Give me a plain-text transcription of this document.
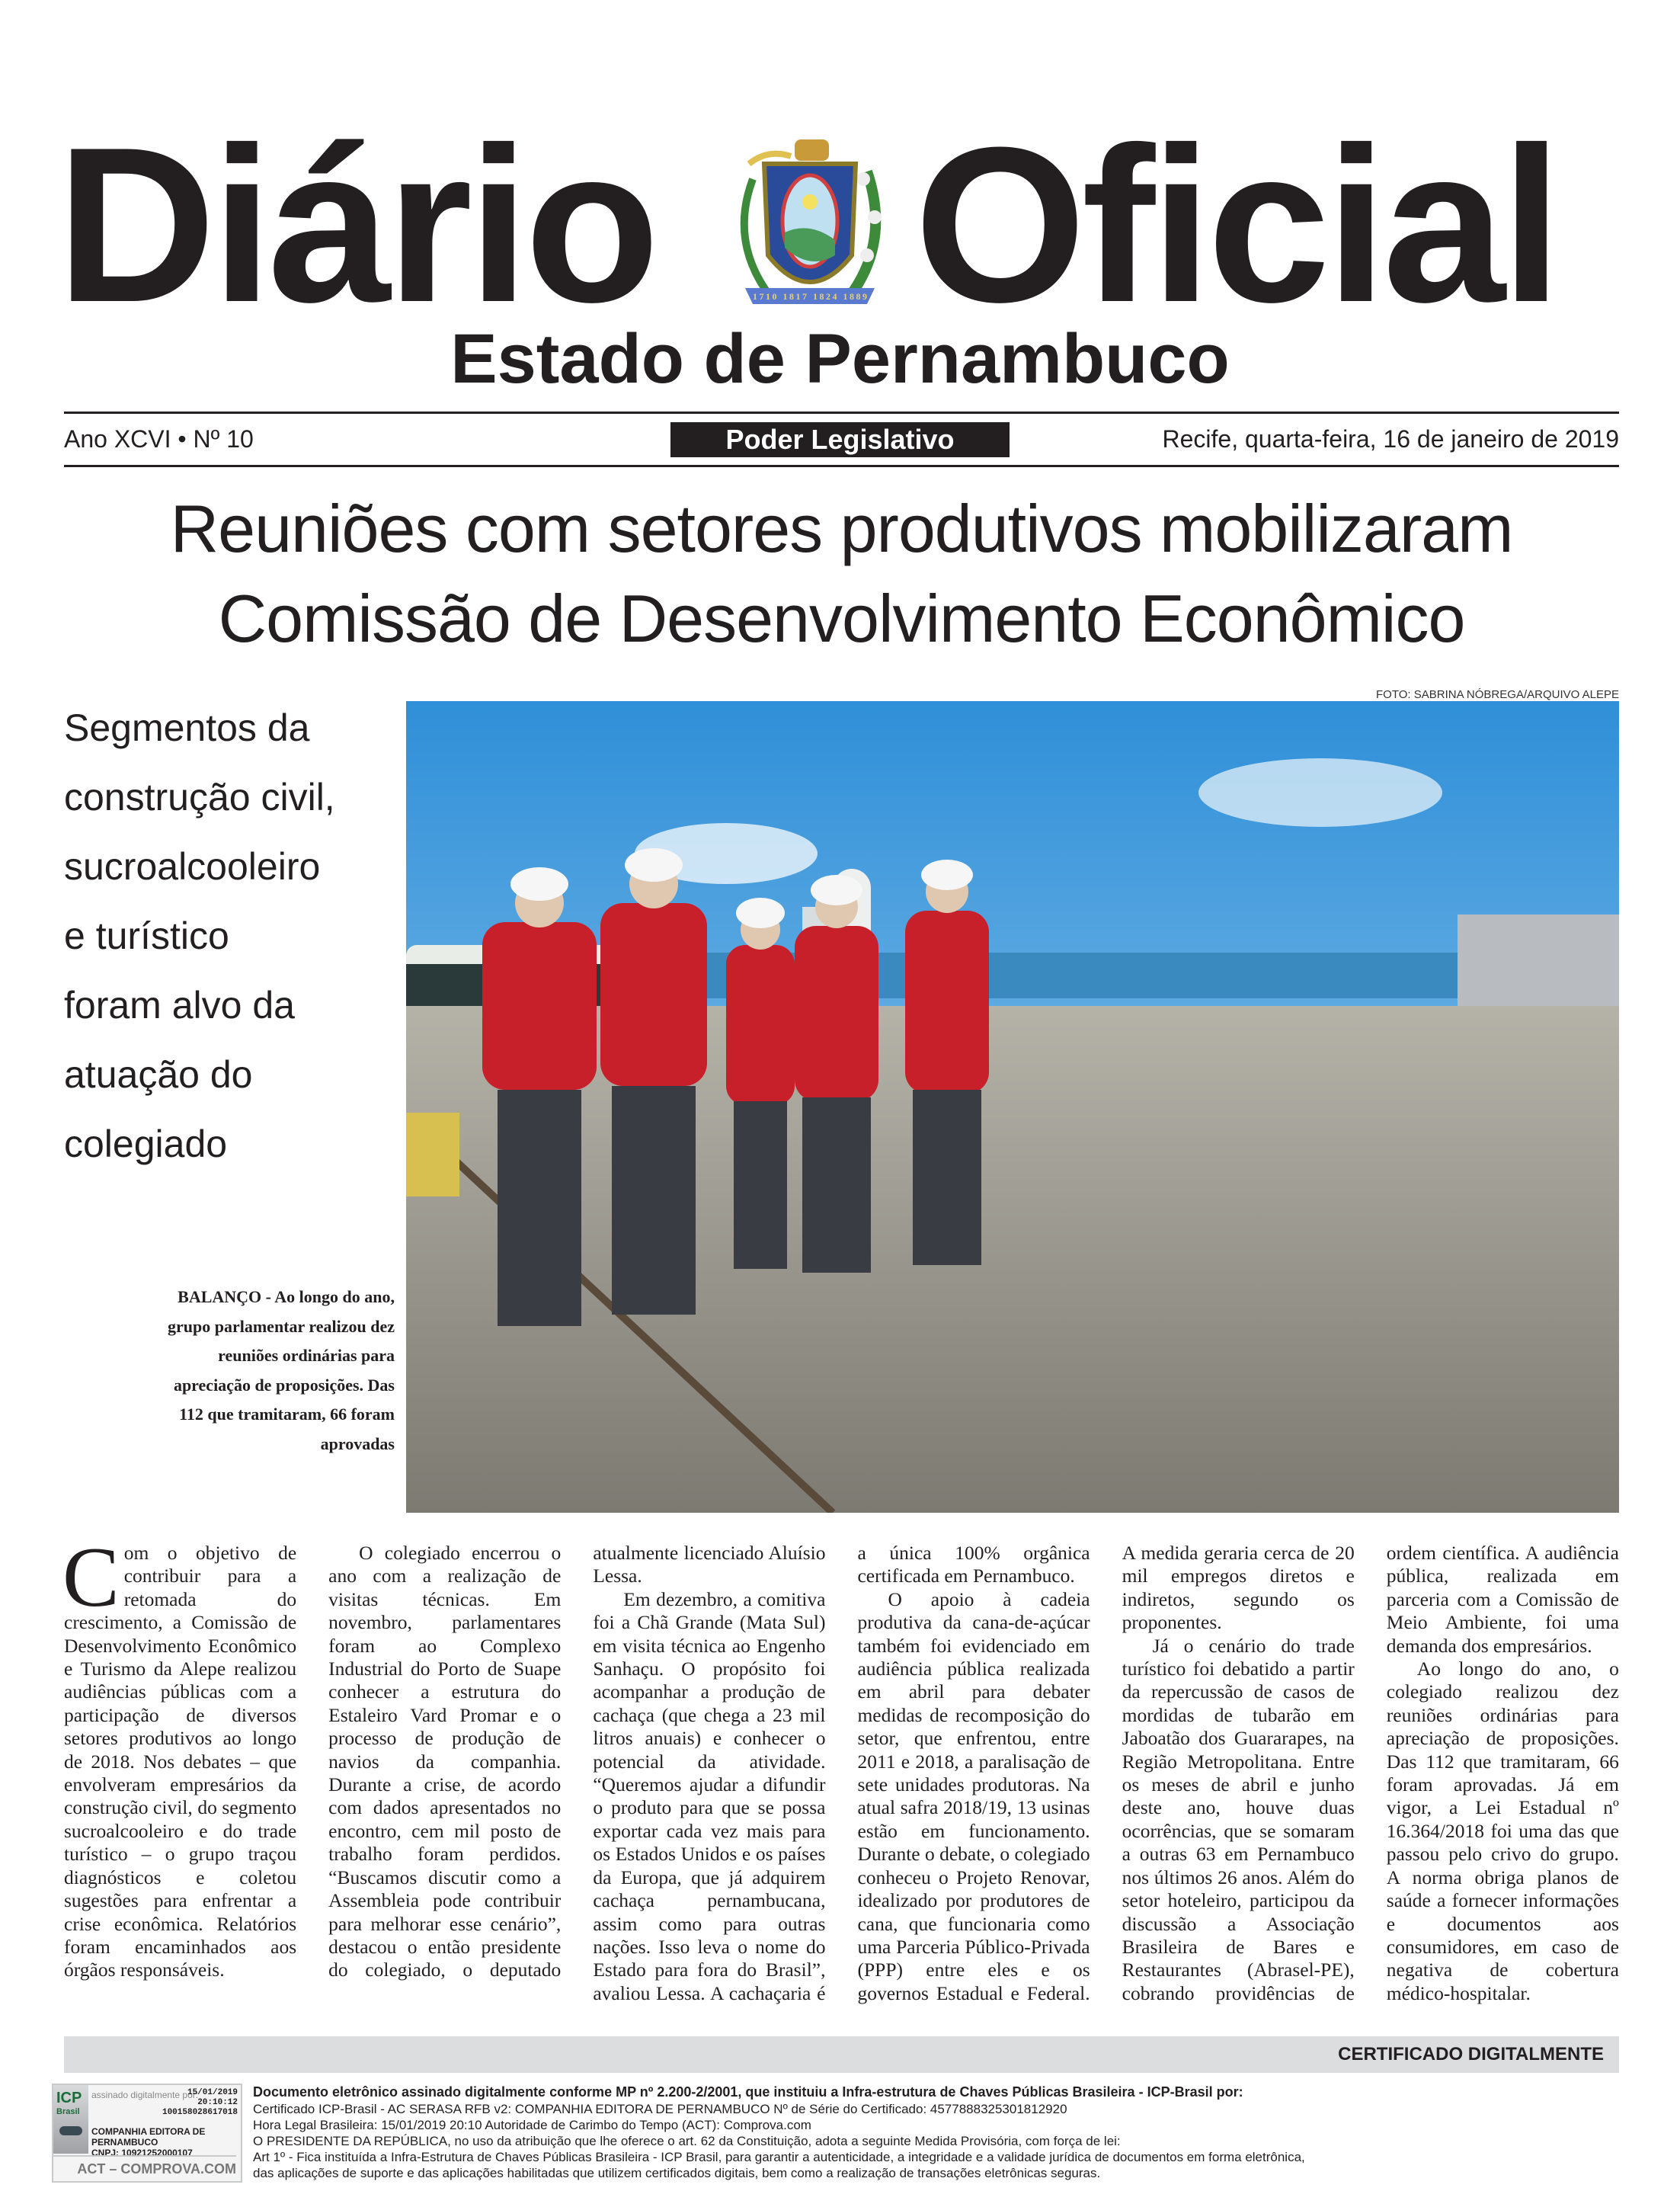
Diário	1710 1817 1824 1889 Oficial
Estado de Pernambuco
Ano XCVI • Nº 10	Poder Legislativo	Recife, quarta-feira, 16 de janeiro de 2019
Reuniões com setores produtivos mobilizaram
Comissão de Desenvolvimento Econômico
FOTO: SABRINA NÓBREGA/ARQUIVO ALEPE
Segmentos da
construção civil,
sucroalcooleiro
e turístico
foram alvo da
atuação do
colegiado
BALANÇO - Ao longo do ano, grupo parlamentar realizou dez reuniões ordinárias para apreciação de proposições. Das 112 que tramitaram, 66 foram aprovadas

Com o objetivo de contribuir para a retomada do crescimento, a Comissão de Desenvolvimento Econômico e Turismo da Alepe realizou audiências públicas com a participação de diversos setores produtivos ao longo de 2018. Nos debates – que envolveram empresários da construção civil, do segmento sucroalcooleiro e do trade turístico – o grupo traçou diagnósticos e coletou sugestões para enfrentar a crise econômica. Relatórios foram encaminhados aos órgãos responsáveis.

O colegiado encerrou o ano com a realização de visitas técnicas. Em novembro, parlamentares foram ao Complexo Industrial do Porto de Suape conhecer a estrutura do Estaleiro Vard Promar e o processo de produção de navios da companhia. Durante a crise, de acordo com dados apresentados no encontro, cem mil posto de trabalho foram perdidos. “Buscamos discutir como a Assembleia pode contribuir para melhorar esse cenário”, destacou o então presidente do colegiado, o deputado atualmente licenciado Aluísio Lessa.

Em dezembro, a comitiva foi a Chã Grande (Mata Sul) em visita técnica ao Engenho Sanhaçu. O propósito foi acompanhar a produção de cachaça (que chega a 23 mil litros anuais) e conhecer o potencial da atividade. “Queremos ajudar a difundir o produto para que se possa exportar cada vez mais para os Estados Unidos e os países da Europa, que já adquirem cachaça pernambucana, assim como para outras nações. Isso leva o nome do Estado para fora do Brasil”, avaliou Lessa. A cachaçaria é a única 100% orgânica certificada em Pernambuco.

O apoio à cadeia produtiva da cana-de-açúcar também foi evidenciado em audiência pública realizada em abril para debater medidas de recomposição do setor, que enfrentou, entre 2011 e 2018, a paralisação de sete unidades produtoras. Na atual safra 2018/19, 13 usinas estão em funcionamento. Durante o debate, o colegiado conheceu o Projeto Renovar, idealizado por produtores de cana, que funcionaria como uma Parceria Público-Privada (PPP) entre eles e os governos Estadual e Federal. A medida geraria cerca de 20 mil empregos diretos e indiretos, segundo os proponentes.

Já o cenário do trade turístico foi debatido a partir da repercussão de casos de mordidas de tubarão em Jaboatão dos Guararapes, na Região Metropolitana. Entre os meses de abril e junho deste ano, houve duas ocorrências, que se somaram a outras 63 em Pernambuco nos últimos 26 anos. Além do setor hoteleiro, participou da discussão a Associação Brasileira de Bares e Restaurantes (Abrasel-PE), cobrando providências de ordem científica. A audiência pública, realizada em parceria com a Comissão de Meio Ambiente, foi uma demanda dos empresários.

Ao longo do ano, o colegiado realizou dez reuniões ordinárias para apreciação de proposições. Das 112 que tramitaram, 66 foram aprovadas. Já em vigor, a Lei Estadual nº 16.364/2018 foi uma das que passou pelo crivo do grupo. A norma obriga planos de saúde a fornecer informações e documentos aos consumidores, em caso de negativa de cobertura médico-hospitalar.

CERTIFICADO DIGITALMENTE
ICP
Brasil
assinado digitalmente por:
15/01/2019
20:10:12
100158028617018
COMPANHIA EDITORA DE PERNAMBUCO
CNPJ: 10921252000107
ACT – COMPROVA.COM
Documento eletrônico assinado digitalmente conforme MP nº 2.200-2/2001, que instituiu a Infra-estrutura de Chaves Públicas Brasileira - ICP-Brasil por:
Certificado ICP-Brasil - AC SERASA RFB v2: COMPANHIA EDITORA DE PERNAMBUCO Nº de Série do Certificado: 4577888325301812920
Hora Legal Brasileira: 15/01/2019 20:10 Autoridade de Carimbo do Tempo (ACT): Comprova.com
O PRESIDENTE DA REPÚBLICA, no uso da atribuição que lhe oferece o art. 62 da Constituição, adota a seguinte Medida Provisória, com força de lei:
Art 1º - Fica instituída a Infra-Estrutura de Chaves Públicas Brasileira - ICP Brasil, para garantir a autenticidade, a integridade e a validade jurídica de documentos em forma eletrônica,
das aplicações de suporte e das aplicações habilitadas que utilizem certificados digitais, bem como a realização de transações eletrônicas seguras.
